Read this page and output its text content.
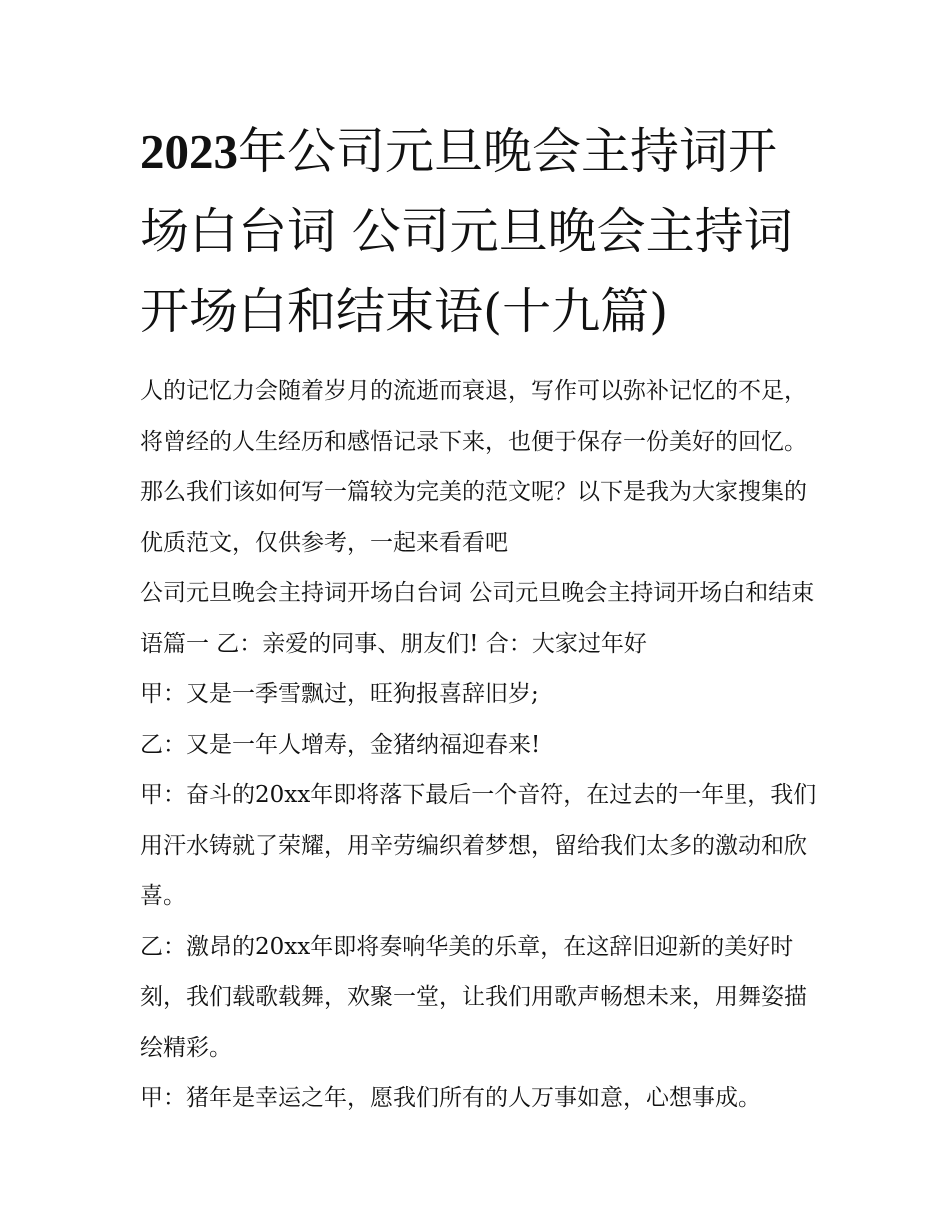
2023年公司元旦晚会主持词开场白台词 公司元旦晚会主持词开场白和结束语(十九篇)

人的记忆力会随着岁月的流逝而衰退，写作可以弥补记忆的不足，将曾经的人生经历和感悟记录下来，也便于保存一份美好的回忆。那么我们该如何写一篇较为完美的范文呢？以下是我为大家搜集的优质范文，仅供参考，一起来看看吧

公司元旦晚会主持词开场白台词 公司元旦晚会主持词开场白和结束语篇一 乙：亲爱的同事、朋友们! 合：大家过年好

甲：又是一季雪飘过，旺狗报喜辞旧岁;

乙：又是一年人增寿，金猪纳福迎春来!

甲：奋斗的20xx年即将落下最后一个音符，在过去的一年里，我们用汗水铸就了荣耀，用辛劳编织着梦想，留给我们太多的激动和欣喜。

乙：激昂的20xx年即将奏响华美的乐章，在这辞旧迎新的美好时刻，我们载歌载舞，欢聚一堂，让我们用歌声畅想未来，用舞姿描绘精彩。

甲：猪年是幸运之年，愿我们所有的人万事如意，心想事成。
